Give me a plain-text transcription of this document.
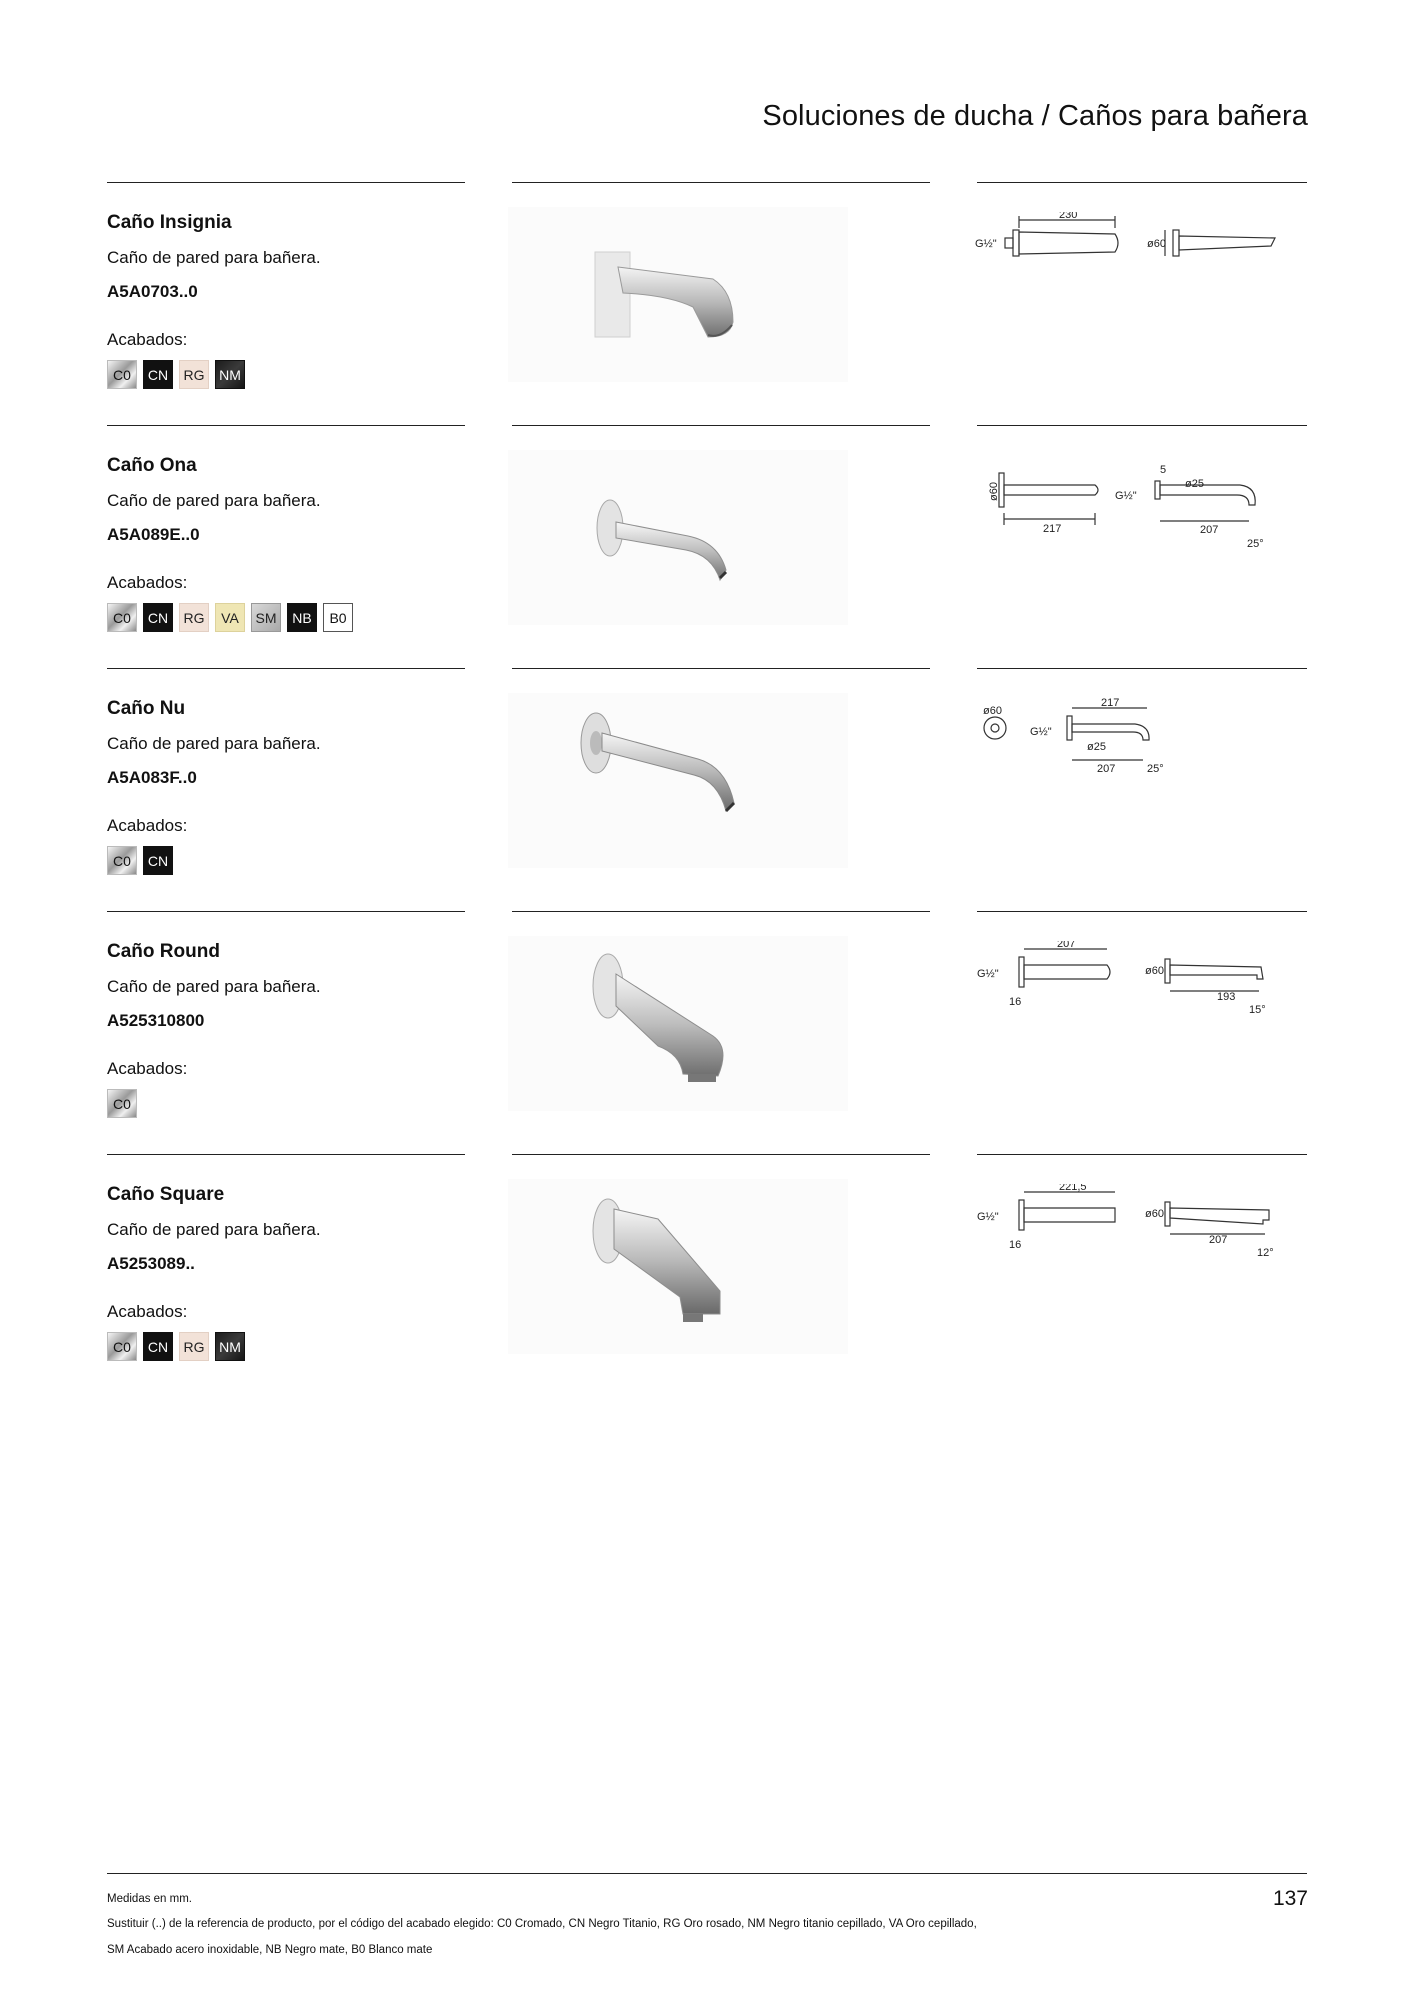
Soluciones de ducha / Caños para bañera
Caño Insignia
Caño de pared para bañera.
A5A0703..0
Acabados:
C0	CN	RG	NM
G½"
230
ø60
Caño Ona
Caño de pared para bañera.
A5A089E..0
Acabados:
C0	CN	RG	VA	SM	NB	B0
ø60
217
G½"
5
ø25
207
25°
Caño Nu
Caño de pared para bañera.
A5A083F..0
Acabados:
C0	CN
ø60
217
G½"
ø25
207	25°
Caño Round
Caño de pared para bañera.
A525310800
Acabados:
C0
G½"
207
16
ø60
193
15°
Caño Square
Caño de pared para bañera.
A5253089..
Acabados:
C0	CN	RG	NM
G½"
221,5
16
ø60
207
12°
Medidas en mm.
Sustituir (..) de la referencia de producto, por el código del acabado elegido: C0 Cromado, CN Negro Titanio, RG Oro rosado, NM Negro titanio cepillado, VA Oro cepillado,
SM Acabado acero inoxidable, NB Negro mate, B0 Blanco mate
137
